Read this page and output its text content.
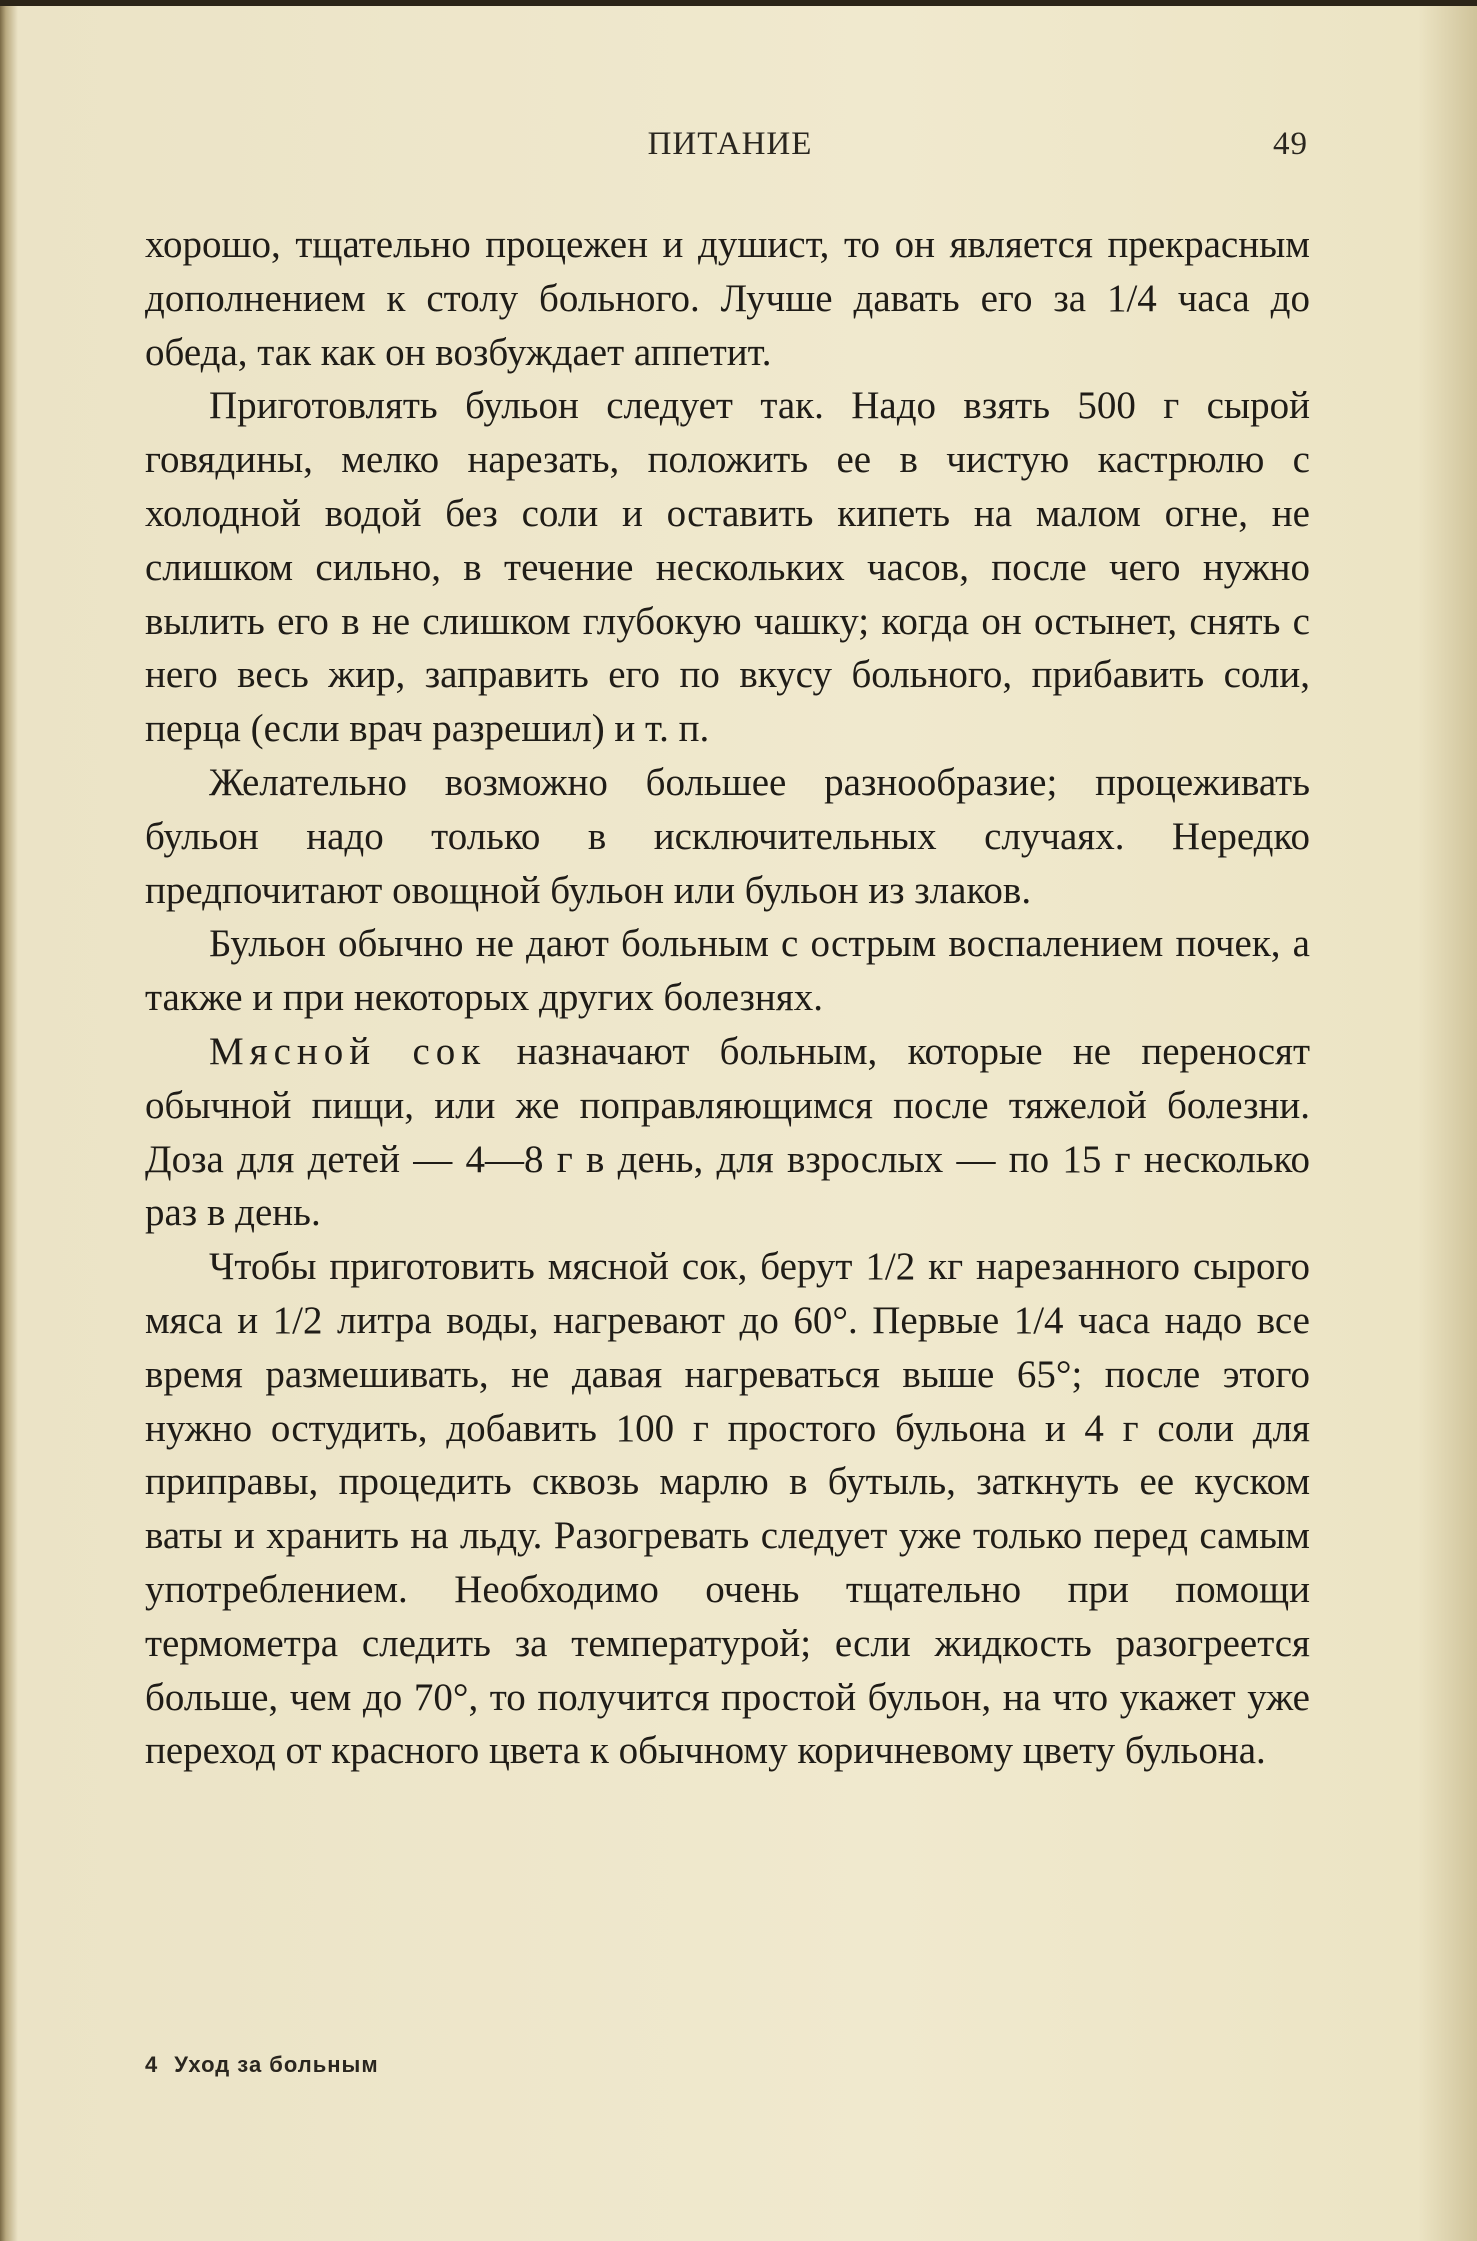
ПИТАНИЕ	49

хорошо, тщательно процежен и душист, то он является прекрасным дополнением к столу больного. Лучше давать его за 1/4 часа до обеда, так как он возбуждает аппетит.

Приготовлять бульон следует так. Надо взять 500 г сырой говядины, мелко нарезать, положить ее в чистую кастрюлю с холодной водой без соли и оставить кипеть на малом огне, не слишком сильно, в течение нескольких часов, после чего нужно вылить его в не слишком глубокую чашку; когда он остынет, снять с него весь жир, заправить его по вкусу больного, прибавить соли, перца (если врач разрешил) и т. п.

Желательно возможно большее разнообразие; процеживать бульон надо только в исключительных случаях. Нередко предпочитают овощной бульон или бульон из злаков.

Бульон обычно не дают больным с острым воспалением почек, а также и при некоторых других болезнях.

Мясной сок назначают больным, которые не переносят обычной пищи, или же поправляющимся после тяжелой болезни. Доза для детей — 4—8 г в день, для взрослых — по 15 г несколько раз в день.

Чтобы приготовить мясной сок, берут 1/2 кг нарезанного сырого мяса и 1/2 литра воды, нагревают до 60°. Первые 1/4 часа надо все время размешивать, не давая нагреваться выше 65°; после этого нужно остудить, добавить 100 г простого бульона и 4 г соли для приправы, процедить сквозь марлю в бутыль, заткнуть ее куском ваты и хранить на льду. Разогревать следует уже только перед самым употреблением. Необходимо очень тщательно при помощи термометра следить за температурой; если жидкость разогреется больше, чем до 70°, то получится простой бульон, на что укажет уже переход от красного цвета к обычному коричневому цвету бульона.

4 Уход за больным
